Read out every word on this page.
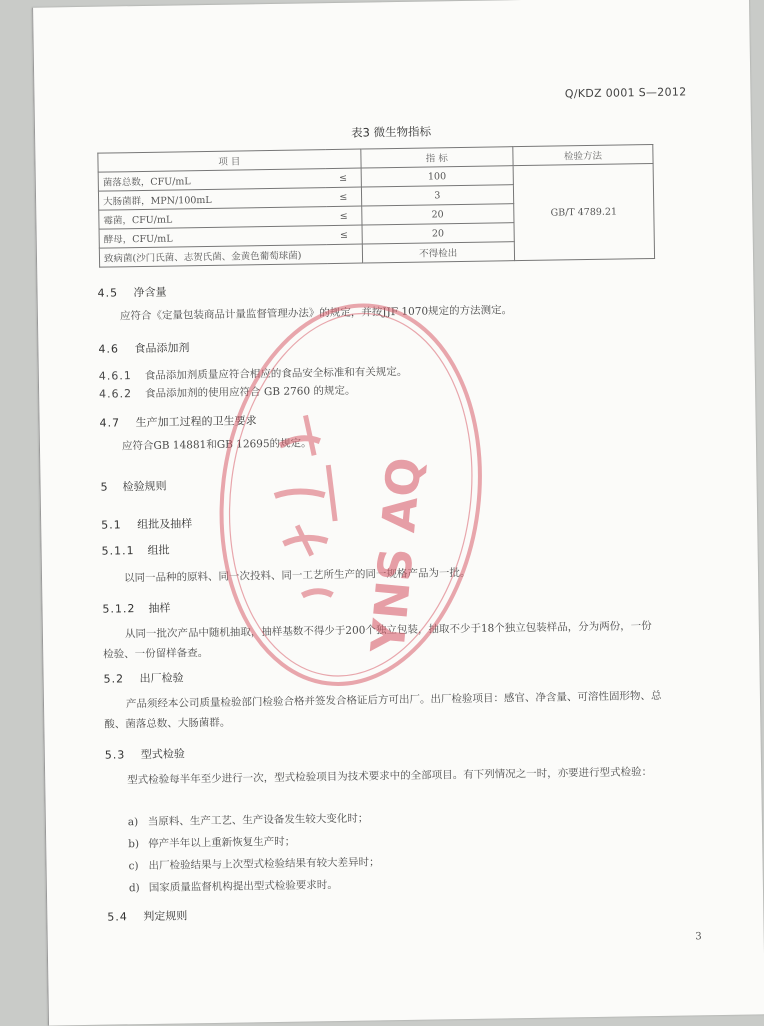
Q/KDZ 0001 S—2012
表3 微生物指标
项 目		指 标	检验方法
菌落总数，CFU/mL	≤	100	GB/T 4789.21
大肠菌群，MPN/100mL	≤	3	
霉菌，CFU/mL	≤	20	
酵母，CFU/mL	≤	20	
致病菌(沙门氏菌、志贺氏菌、金黄色葡萄球菌)		不得检出	
4.5 净含量
应符合《定量包装商品计量监督管理办法》的规定，并按JJF 1070规定的方法测定。
4.6 食品添加剂
4.6.1 食品添加剂质量应符合相应的食品安全标准和有关规定。
4.6.2 食品添加剂的使用应符合 GB 2760 的规定。
4.7 生产加工过程的卫生要求
应符合GB 14881和GB 12695的规定。
5 检验规则
5.1 组批及抽样
5.1.1 组批
以同一品种的原料、同一次投料、同一工艺所生产的同一规格产品为一批。
5.1.2 抽样
从同一批次产品中随机抽取，抽样基数不得少于200个独立包装，抽取不少于18个独立包装样品，分为两份，一份检验、一份留样备查。
5.2 出厂检验
产品须经本公司质量检验部门检验合格并签发合格证后方可出厂。出厂检验项目：感官、净含量、可溶性固形物、总酸、菌落总数、大肠菌群。
5.3 型式检验
型式检验每半年至少进行一次，型式检验项目为技术要求中的全部项目。有下列情况之一时，亦要进行型式检验：
a) 当原料、生产工艺、生产设备发生较大变化时；
b) 停产半年以上重新恢复生产时；
c) 出厂检验结果与上次型式检验结果有较大差异时；
d) 国家质量监督机构提出型式检验要求时。
5.4 判定规则
3
YNS AQ
